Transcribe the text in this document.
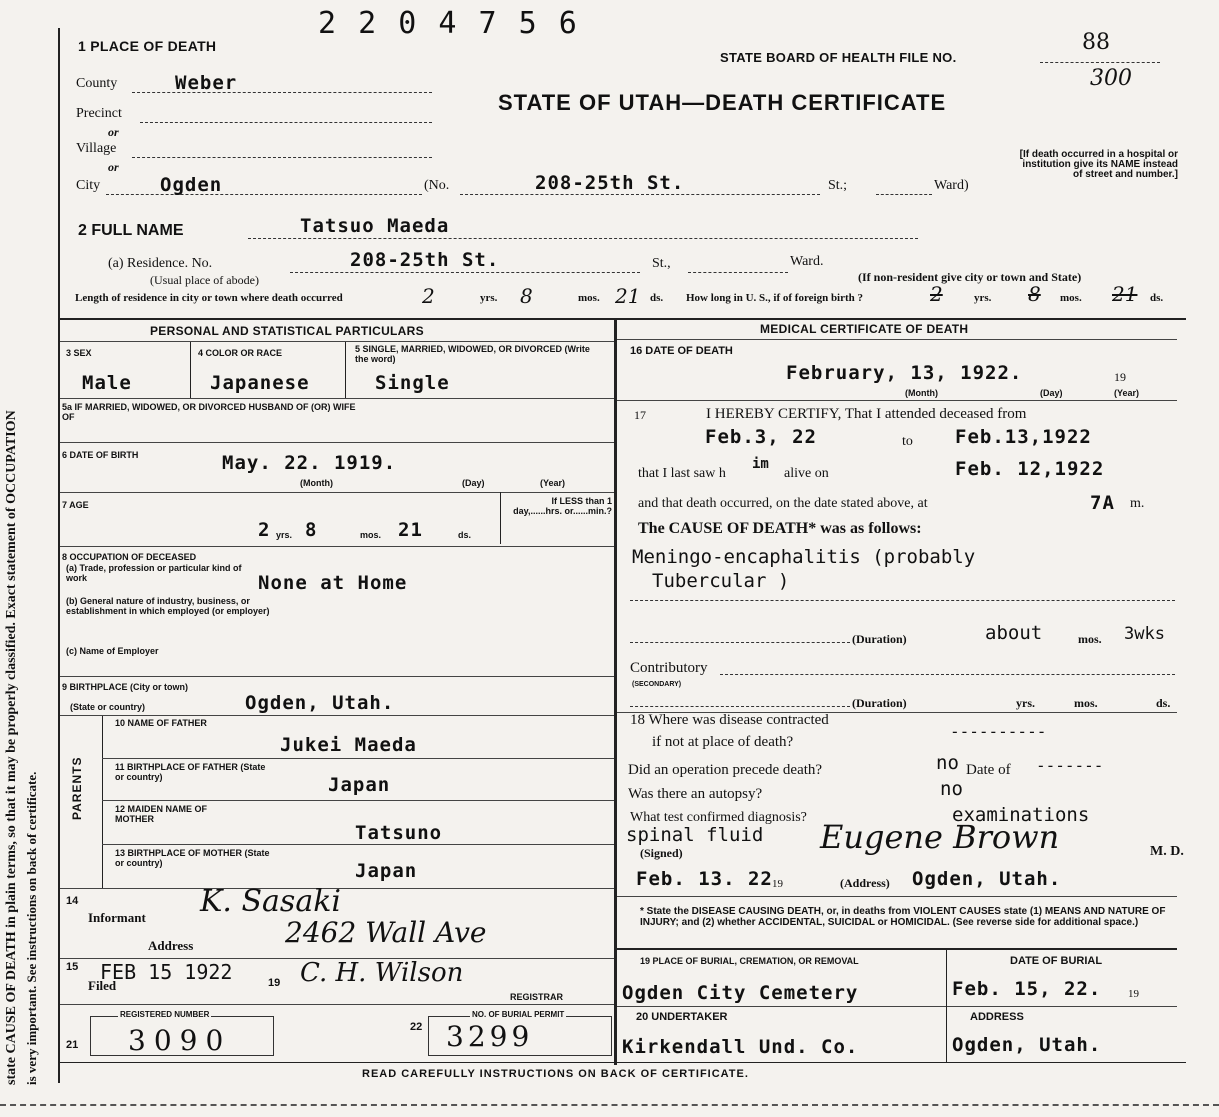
state CAUSE OF DEATH in plain terms, so that it may be properly classified. Exact statement of OCCUPATION is very important. See instructions on back of certificate.
1 PLACE OF DEATH
2 2 0 4 7 5 6
STATE BOARD OF HEALTH FILE NO.
88
300
STATE OF UTAH—DEATH CERTIFICATE
County	Weber
Precinct
or
Village
or
City	Ogden	(No.	208-25th St.	St.;	Ward)
[If death occurred in a hospital or institution give its NAME instead of street and number.]
2 FULL NAME	Tatsuo Maeda
(a) Residence. No.
(Usual place of abode)
208-25th St.	St.,	Ward.
(If non-resident give city or town and State)
Length of residence in city or town where death occurred	2	yrs. 8	mos. 21 ds. How long in U. S., if of foreign birth ?	2	yrs. 8 mos. 21 ds.
PERSONAL AND STATISTICAL PARTICULARS
3 SEX
Male
4 COLOR OR RACE
Japanese
5 SINGLE, MARRIED, WIDOWED, OR DIVORCED (Write the word)
Single
5a IF MARRIED, WIDOWED, OR DIVORCED HUSBAND OF (OR) WIFE OF
6 DATE OF BIRTH	May. 22. 1919.
(Month)	(Day)	(Year)
7 AGE
2 yrs. 8	mos. 21	ds.
If LESS than 1 day,......hrs. or......min.?
8 OCCUPATION OF DECEASED
(a) Trade, profession or particular kind of work	None at Home
(b) General nature of industry, business, or establishment in which employed (or employer)
(c) Name of Employer
9 BIRTHPLACE (City or town)
(State or country)	Ogden, Utah.
PARENTS
10 NAME OF FATHER
Jukei Maeda
11 BIRTHPLACE OF FATHER (State or country)	Japan
12 MAIDEN NAME OF MOTHER
Tatsuno
13 BIRTHPLACE OF MOTHER (State or country)	Japan
14
Informant K. Sasaki
Address	2462 Wall Ave
15
Filed
FEB 15 1922	19 C. H. Wilson
REGISTRAR
21
REGISTERED NUMBER
3090	22
NO. OF BURIAL PERMIT
3299
MEDICAL CERTIFICATE OF DEATH
16 DATE OF DEATH
February, 13, 1922.	19
(Month)	(Day)	(Year)
17	I HEREBY CERTIFY, That I attended deceased from
Feb.3, 22	to Feb.13,1922
that I last saw h
im
alive on	Feb. 12,1922
and that death occurred, on the date stated above, at	7A m.
The CAUSE OF DEATH* was as follows:
Meningo-encaphalitis (probably
Tubercular )
(Duration)	about	mos. 3wks
Contributory
(SECONDARY)
(Duration)	yrs.	mos.	ds.
18 Where was disease contracted
if not at place of death?
----------
Did an operation precede death?	no Date of -------
Was there an autopsy?	no
What test confirmed diagnosis?	examinations
spinal fluid
(Signed)	Eugene Brown	M. D.
Feb. 13. 22 19	(Address) Ogden, Utah.
* State the DISEASE CAUSING DEATH, or, in deaths from VIOLENT CAUSES state (1) MEANS AND NATURE OF INJURY; and (2) whether ACCIDENTAL, SUICIDAL or HOMICIDAL. (See reverse side for additional space.)
19 PLACE OF BURIAL, CREMATION, OR REMOVAL	DATE OF BURIAL
Ogden City Cemetery	Feb. 15, 22. 19
20 UNDERTAKER	ADDRESS
Kirkendall Und. Co.	Ogden, Utah.
READ CAREFULLY INSTRUCTIONS ON BACK OF CERTIFICATE.
